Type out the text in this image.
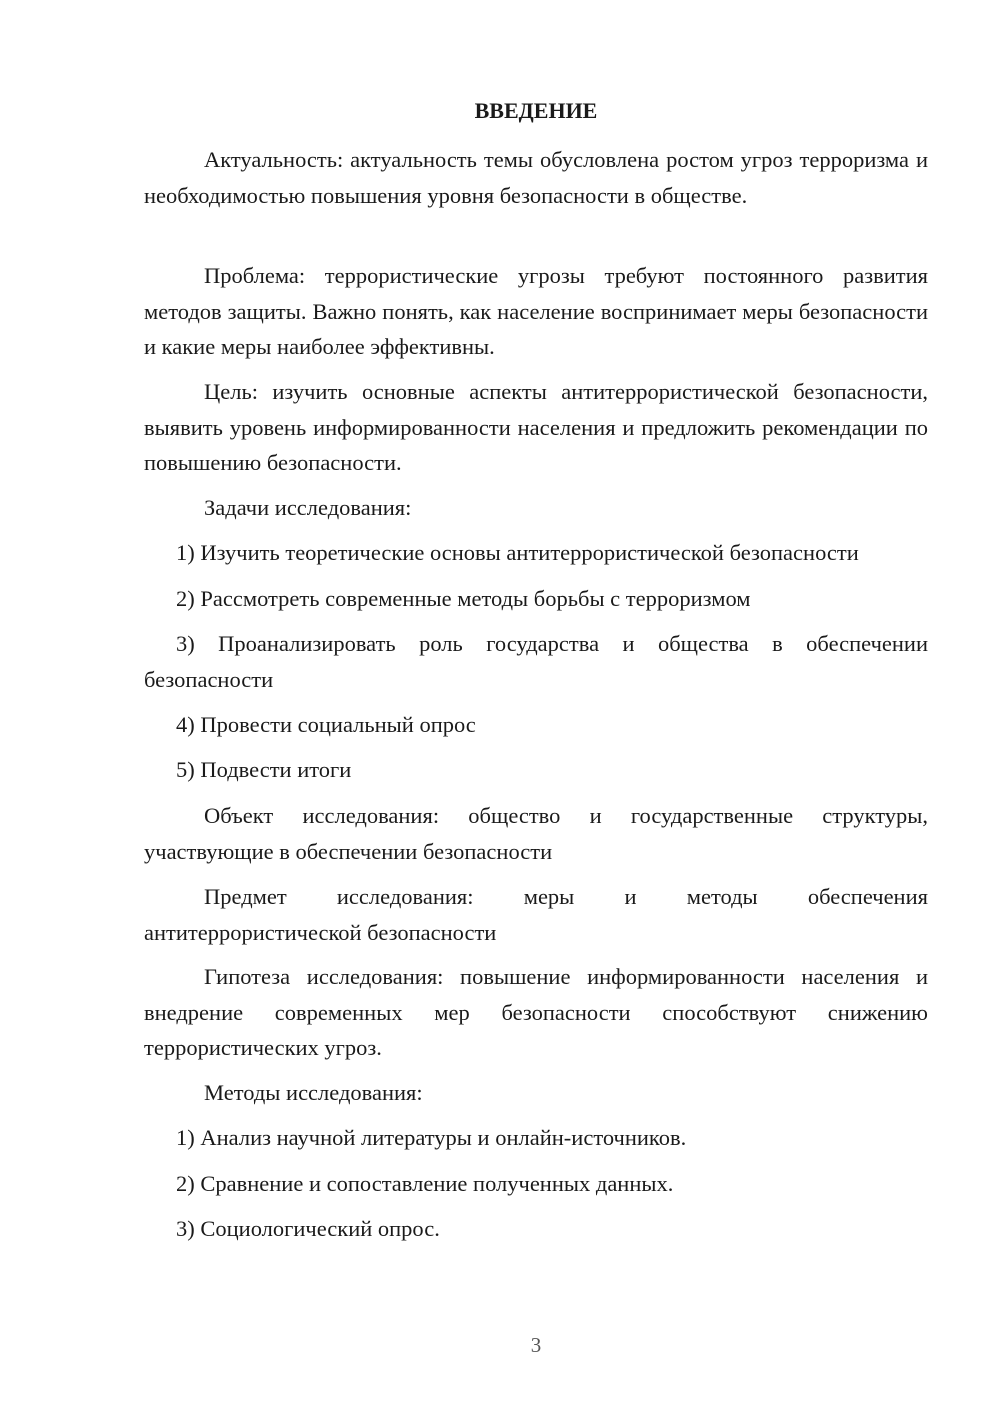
ВВЕДЕНИЕ

Актуальность: актуальность темы обусловлена ростом угроз терроризма и необходимостью повышения уровня безопасности в обществе.

Проблема: террористические угрозы требуют постоянного развития методов защиты. Важно понять, как население воспринимает меры безопасности и какие меры наиболее эффективны.

Цель: изучить основные аспекты антитеррористической безопасности, выявить уровень информированности населения и предложить рекомендации по повышению безопасности.

Задачи исследования:

1) Изучить теоретические основы антитеррористической безопасности

2) Рассмотреть современные методы борьбы с терроризмом

3) Проанализировать роль государства и общества в обеспечении безопасности

4) Провести социальный опрос

5) Подвести итоги

Объект исследования: общество и государственные структуры, участвующие в обеспечении безопасности

Предмет исследования: меры и методы обеспечения антитеррористической безопасности

Гипотеза исследования: повышение информированности населения и внедрение современных мер безопасности способствуют снижению террористических угроз.

Методы исследования:

1) Анализ научной литературы и онлайн-источников.

2) Сравнение и сопоставление полученных данных.

3) Социологический опрос.

3
